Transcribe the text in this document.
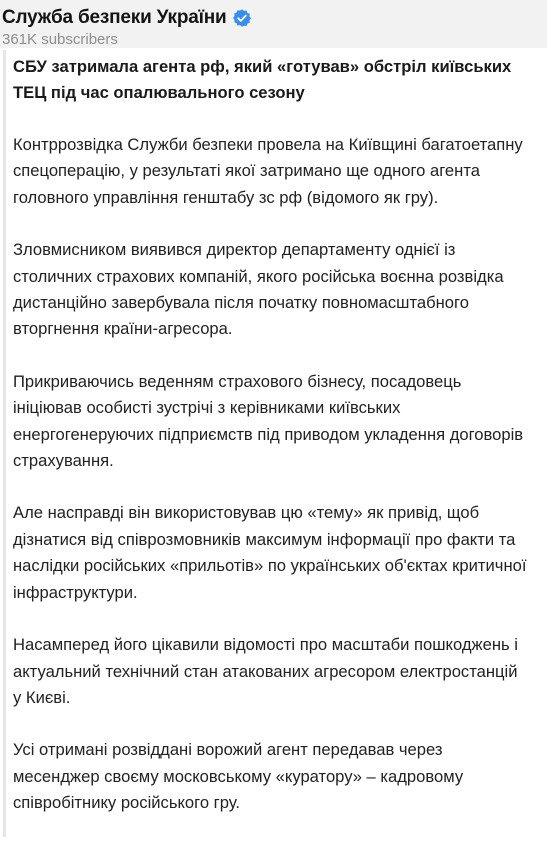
Служба безпеки України
361K subscribers

СБУ затримала агента рф, який «готував» обстріл київських ТЕЦ під час опалювального сезону

Контррозвідка Служби безпеки провела на Київщині багатоетапну спецоперацію, у результаті якої затримано ще одного агента головного управління генштабу зс рф (відомого як гру).

Зловмисником виявився директор департаменту однієї із столичних страхових компаній, якого російська воєнна розвідка дистанційно завербувала після початку повномасштабного вторгнення країни-агресора.

Прикриваючись веденням страхового бізнесу, посадовець ініціював особисті зустрічі з керівниками київських енергогенеруючих підприємств під приводом укладення договорів страхування.

Але насправді він використовував цю «тему» як привід, щоб дізнатися від співрозмовників максимум інформації про факти та наслідки російських «прильотів» по українських об'єктах критичної інфраструктури.

Насамперед його цікавили відомості про масштаби пошкоджень і актуальний технічний стан атакованих агресором електростанцій у Києві.

Усі отримані розвіддані ворожий агент передавав через месенджер своєму московському «куратору» – кадровому співробітнику російського гру.
